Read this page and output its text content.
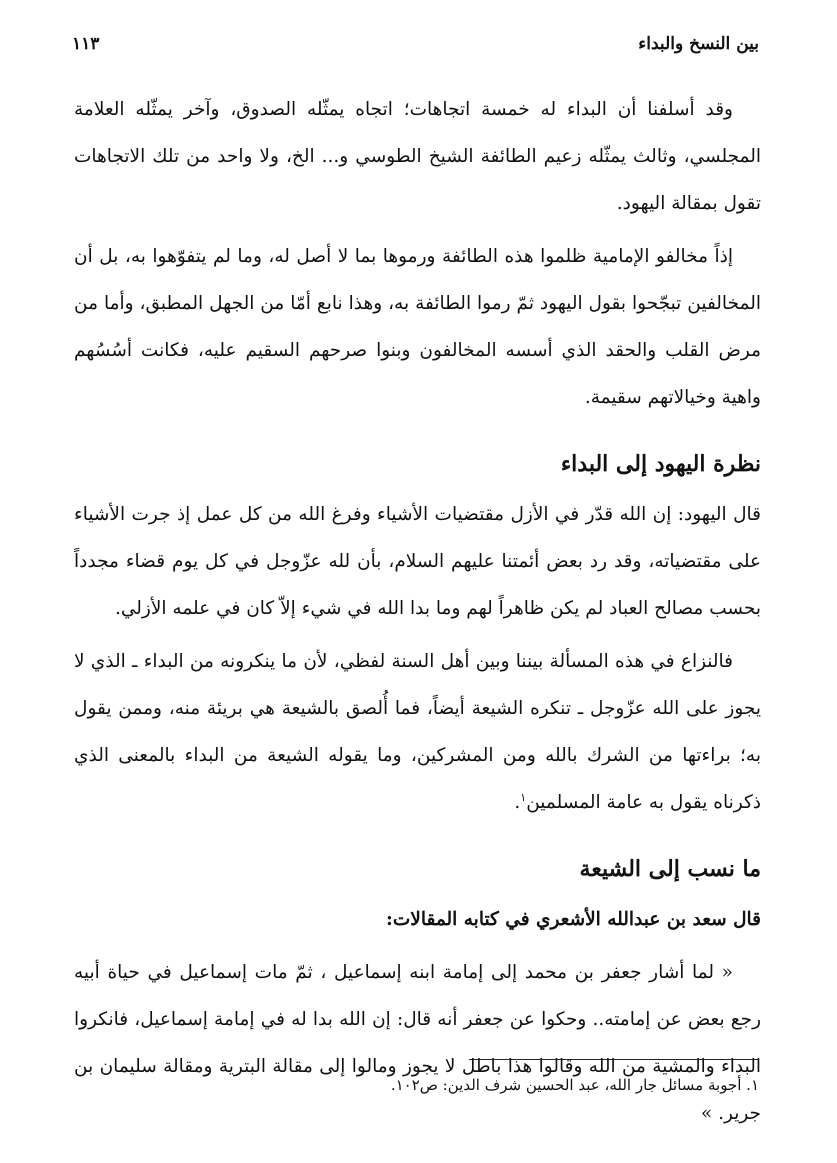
بين النسخ والبداء
١١٣

وقد أسلفنا أن البداء له خمسة اتجاهات؛ اتجاه يمثّله الصدوق، وآخر يمثّله العلامة المجلسي، وثالث يمثّله زعيم الطائفة الشيخ الطوسي و... الخ، ولا واحد من تلك الاتجاهات تقول بمقالة اليهود.

إذاً مخالفو الإمامية ظلموا هذه الطائفة ورموها بما لا أصل له، وما لم يتفوّهوا به، بل أن المخالفين تبجّحوا بقول اليهود ثمّ رموا الطائفة به، وهذا نابع أمّا من الجهل المطبق، وأما من مرض القلب والحقد الذي أسسه المخالفون وبنوا صرحهم السقيم عليه، فكانت أسُسُهم واهية وخيالاتهم سقيمة.

نظرة اليهود إلى البداء

قال اليهود: إن الله قدّر في الأزل مقتضيات الأشياء وفرغ الله من كل عمل إذ جرت الأشياء على مقتضياته، وقد رد بعض أئمتنا عليهم السلام، بأن لله عزّوجل في كل يوم قضاء مجدداً بحسب مصالح العباد لم يكن ظاهراً لهم وما بدا الله في شيء إلاّ كان في علمه الأزلي.

فالنزاع في هذه المسألة بيننا وبين أهل السنة لفظي، لأن ما ينكرونه من البداء ـ الذي لا يجوز على الله عزّوجل ـ تنكره الشيعة أيضاً، فما أُلصق بالشيعة هي بريئة منه، وممن يقول به؛ براءتها من الشرك بالله ومن المشركين، وما يقوله الشيعة من البداء بالمعنى الذي ذكرناه يقول به عامة المسلمين$^١$.

ما نسب إلى الشيعة

قال سعد بن عبدالله الأشعري في كتابه المقالات:

« لما أشار جعفر بن محمد إلى إمامة ابنه إسماعيل ، ثمّ مات إسماعيل في حياة أبيه رجع بعض عن إمامته.. وحكوا عن جعفر أنه قال: إن الله بدا له في إمامة إسماعيل، فانكروا البداء والمشية من الله وقالوا هذا باطل لا يجوز ومالوا إلى مقالة البترية ومقالة سليمان بن جرير. »

١. أجوبة مسائل جار الله، عبد الحسين شرف الدين: ص١٠٢.
